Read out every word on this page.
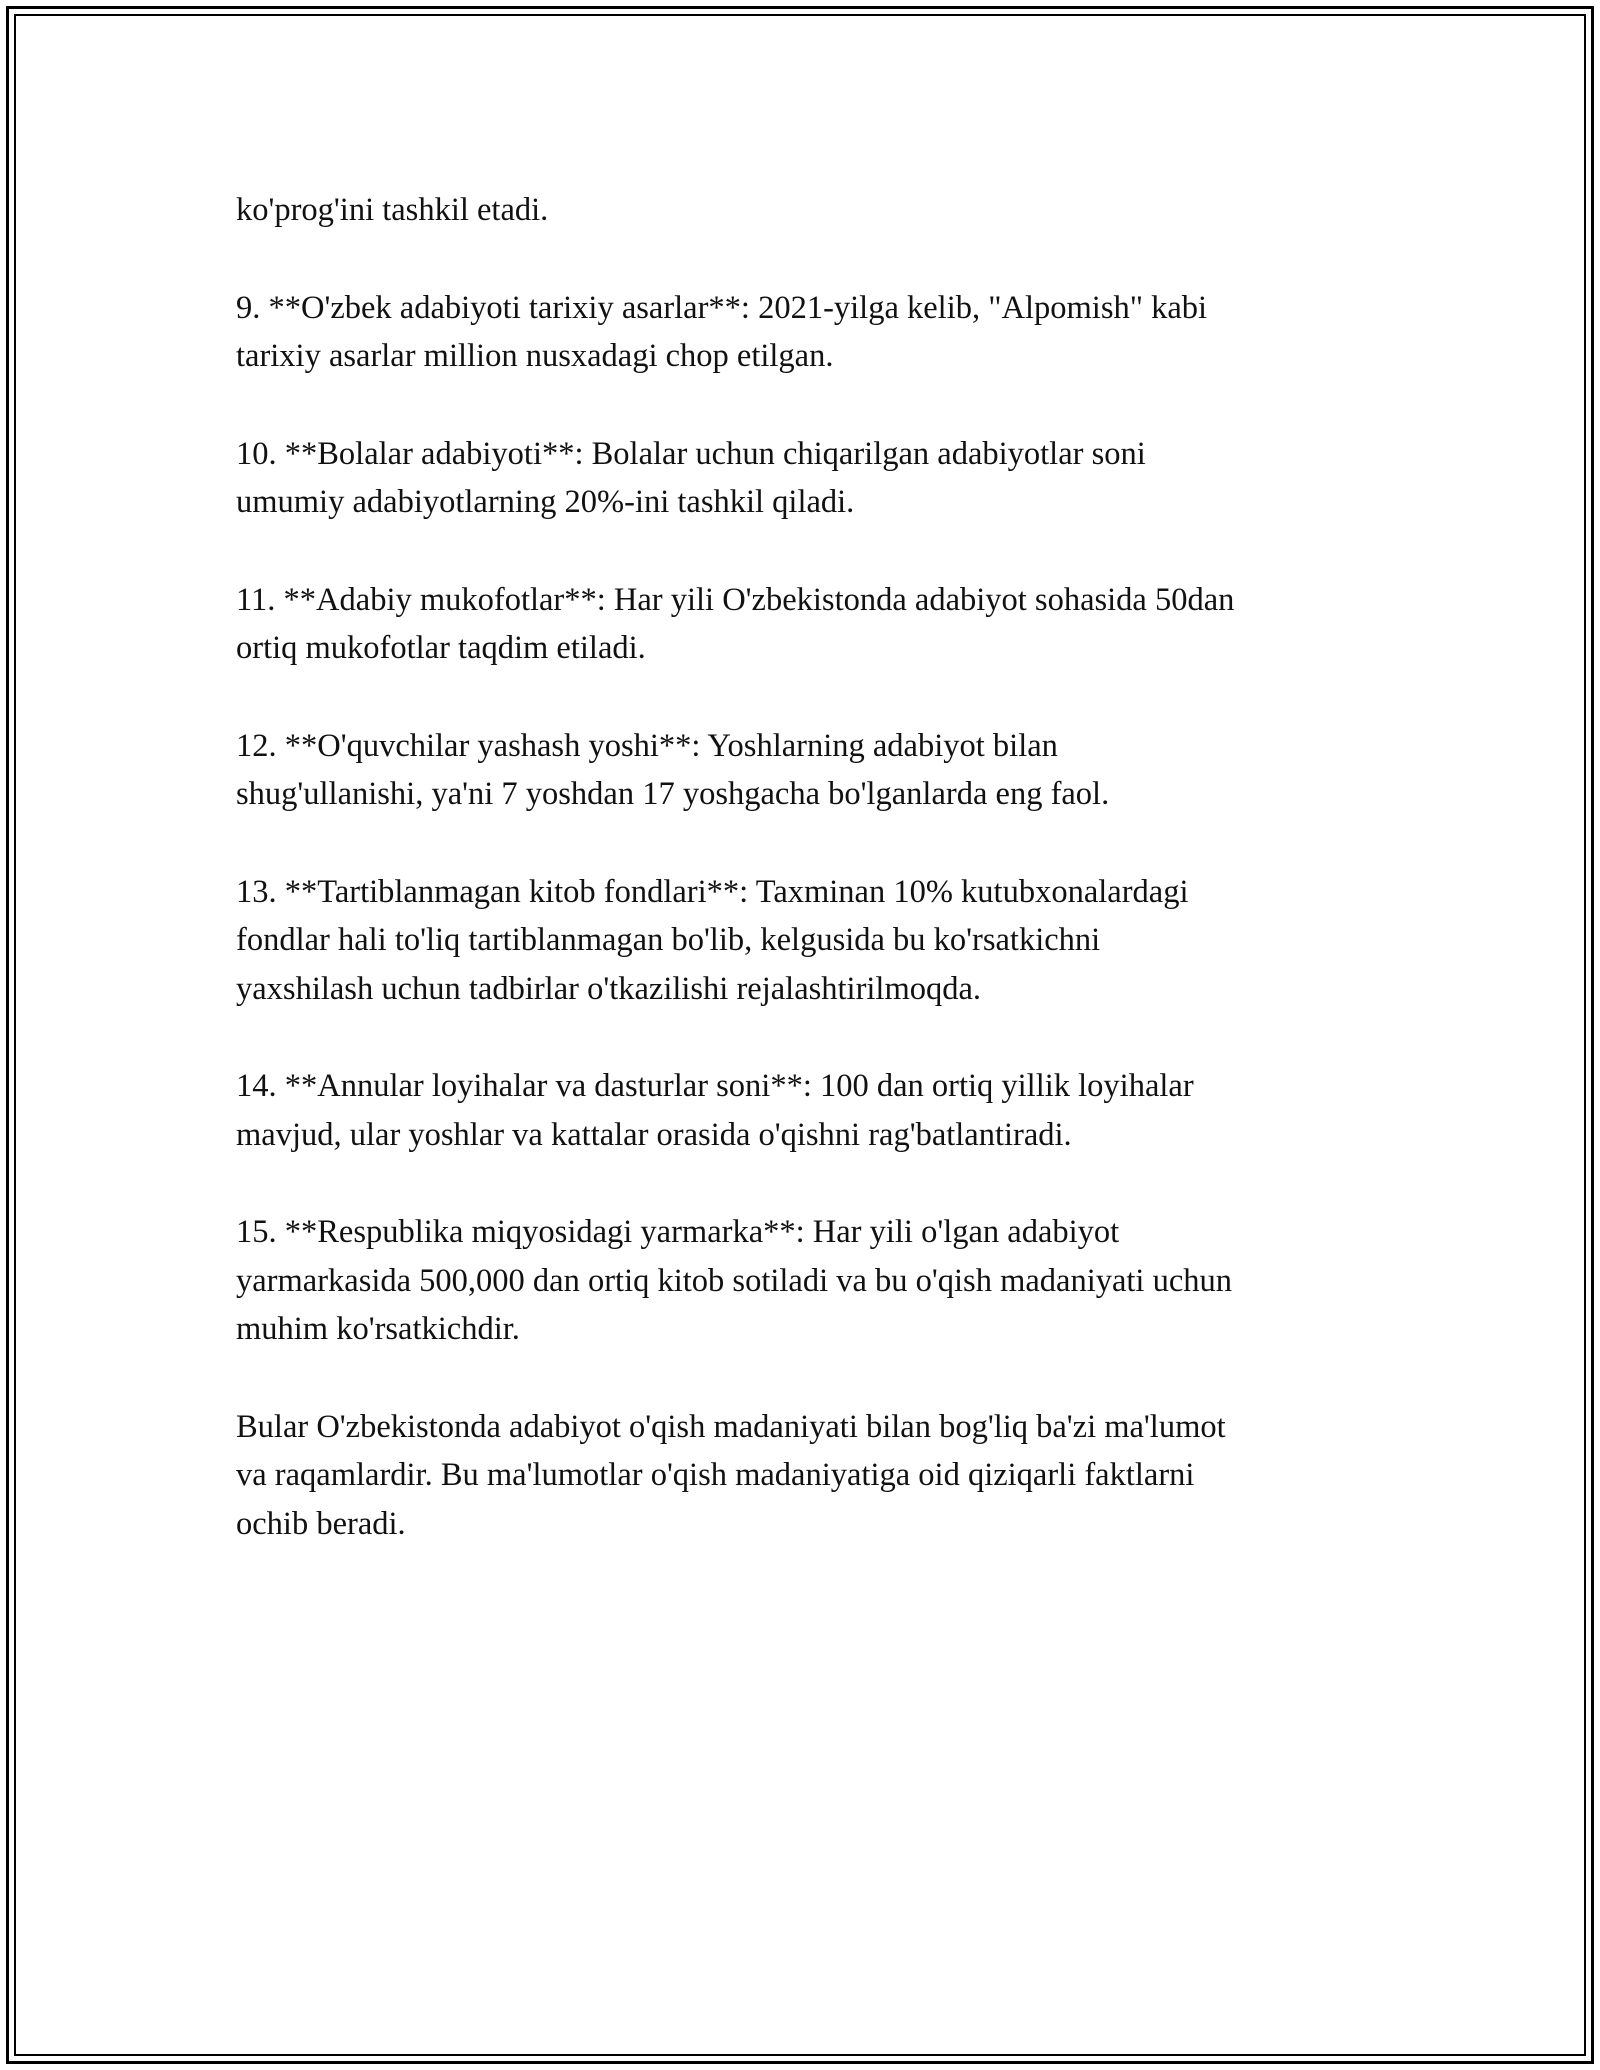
ko'prog'ini tashkil etadi.

9. **O'zbek adabiyoti tarixiy asarlar**: 2021-yilga kelib, "Alpomish" kabi
tarixiy asarlar million nusxadagi chop etilgan.

10. **Bolalar adabiyoti**: Bolalar uchun chiqarilgan adabiyotlar soni
umumiy adabiyotlarning 20%-ini tashkil qiladi.

11. **Adabiy mukofotlar**: Har yili O'zbekistonda adabiyot sohasida 50dan
ortiq mukofotlar taqdim etiladi.

12. **O'quvchilar yashash yoshi**: Yoshlarning adabiyot bilan
shug'ullanishi, ya'ni 7 yoshdan 17 yoshgacha bo'lganlarda eng faol.

13. **Tartiblanmagan kitob fondlari**: Taxminan 10% kutubxonalardagi
fondlar hali to'liq tartiblanmagan bo'lib, kelgusida bu ko'rsatkichni
yaxshilash uchun tadbirlar o'tkazilishi rejalashtirilmoqda.

14. **Annular loyihalar va dasturlar soni**: 100 dan ortiq yillik loyihalar
mavjud, ular yoshlar va kattalar orasida o'qishni rag'batlantiradi.

15. **Respublika miqyosidagi yarmarka**: Har yili o'lgan adabiyot
yarmarkasida 500,000 dan ortiq kitob sotiladi va bu o'qish madaniyati uchun
muhim ko'rsatkichdir.

Bular O'zbekistonda adabiyot o'qish madaniyati bilan bog'liq ba'zi ma'lumot
va raqamlardir. Bu ma'lumotlar o'qish madaniyatiga oid qiziqarli faktlarni
ochib beradi.
